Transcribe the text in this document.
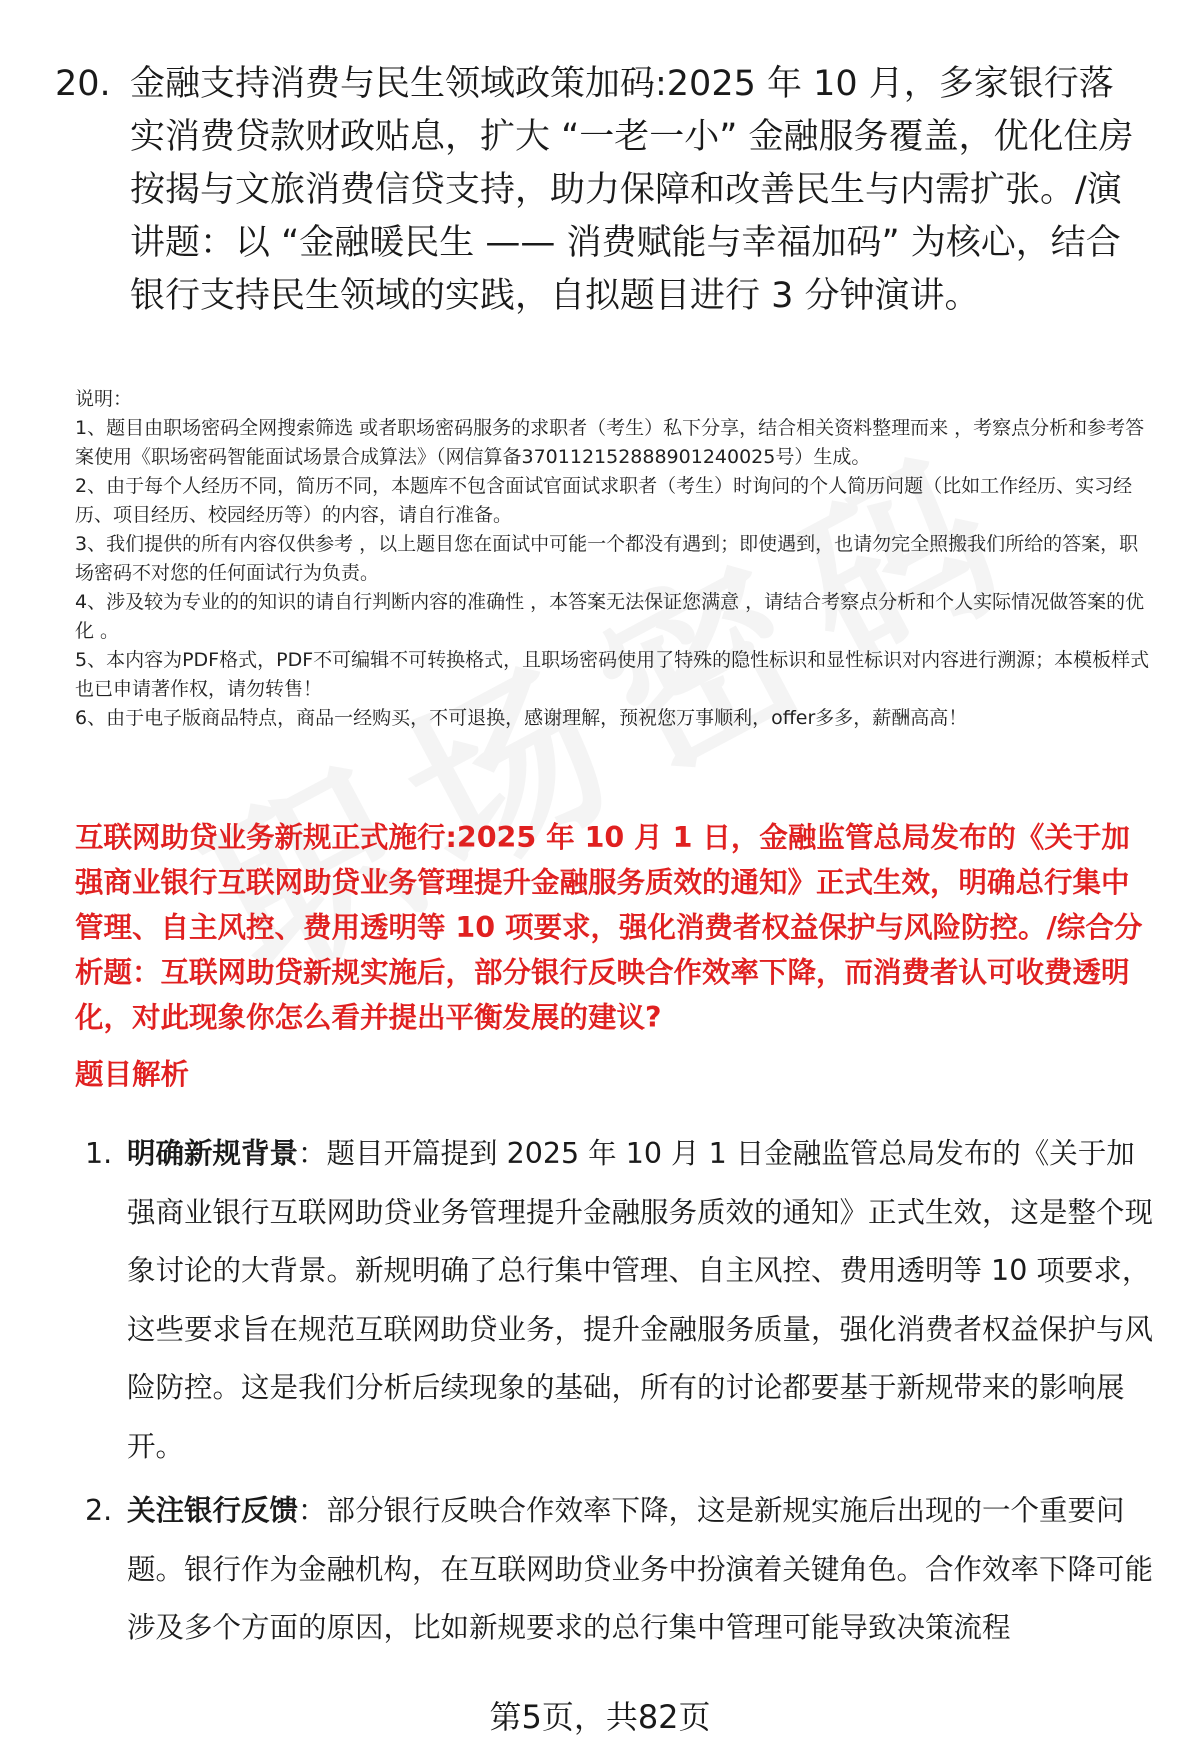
20. 金融支持消费与民生领域政策加码:2025 年 10 月，多家银行落实消费贷款财政贴息，扩大 “一老一小” 金融服务覆盖，优化住房按揭与文旅消费信贷支持，助力保障和改善民生与内需扩张。/演讲题：以 “金融暖民生 —— 消费赋能与幸福加码” 为核心，结合银行支持民生领域的实践，自拟题目进行 3 分钟演讲。

说明：

1、题目由职场密码全网搜索筛选 或者职场密码服务的求职者（考生）私下分享，结合相关资料整理而来 ，考察点分析和参考答案使用《职场密码智能面试场景合成算法》（网信算备370112152888901240025号）生成。

2、由于每个人经历不同，简历不同，本题库不包含面试官面试求职者（考生）时询问的个人简历问题（比如工作经历、实习经历、项目经历、校园经历等）的内容，请自行准备。

3、我们提供的所有内容仅供参考 ，以上题目您在面试中可能一个都没有遇到；即使遇到，也请勿完全照搬我们所给的答案，职场密码不对您的任何面试行为负责。

4、涉及较为专业的的知识的请自行判断内容的准确性 ，本答案无法保证您满意 ，请结合考察点分析和个人实际情况做答案的优化 。

5、本内容为PDF格式，PDF不可编辑不可转换格式，且职场密码使用了特殊的隐性标识和显性标识对内容进行溯源；本模板样式也已申请著作权，请勿转售！

6、由于电子版商品特点，商品一经购买，不可退换，感谢理解，预祝您万事顺利，offer多多，薪酬高高！

互联网助贷业务新规正式施行:2025 年 10 月 1 日，金融监管总局发布的《关于加强商业银行互联网助贷业务管理提升金融服务质效的通知》正式生效，明确总行集中管理、自主风控、费用透明等 10 项要求，强化消费者权益保护与风险防控。/综合分析题：互联网助贷新规实施后，部分银行反映合作效率下降，而消费者认可收费透明化，对此现象你怎么看并提出平衡发展的建议?

题目解析
1. 明确新规背景：题目开篇提到 2025 年 10 月 1 日金融监管总局发布的《关于加强商业银行互联网助贷业务管理提升金融服务质效的通知》正式生效，这是整个现象讨论的大背景。新规明确了总行集中管理、自主风控、费用透明等 10 项要求，这些要求旨在规范互联网助贷业务，提升金融服务质量，强化消费者权益保护与风险防控。这是我们分析后续现象的基础，所有的讨论都要基于新规带来的影响展开。
2. 关注银行反馈：部分银行反映合作效率下降，这是新规实施后出现的一个重要问题。银行作为金融机构，在互联网助贷业务中扮演着关键角色。合作效率下降可能涉及多个方面的原因，比如新规要求的总行集中管理可能导致决策流程
第5页，共82页
